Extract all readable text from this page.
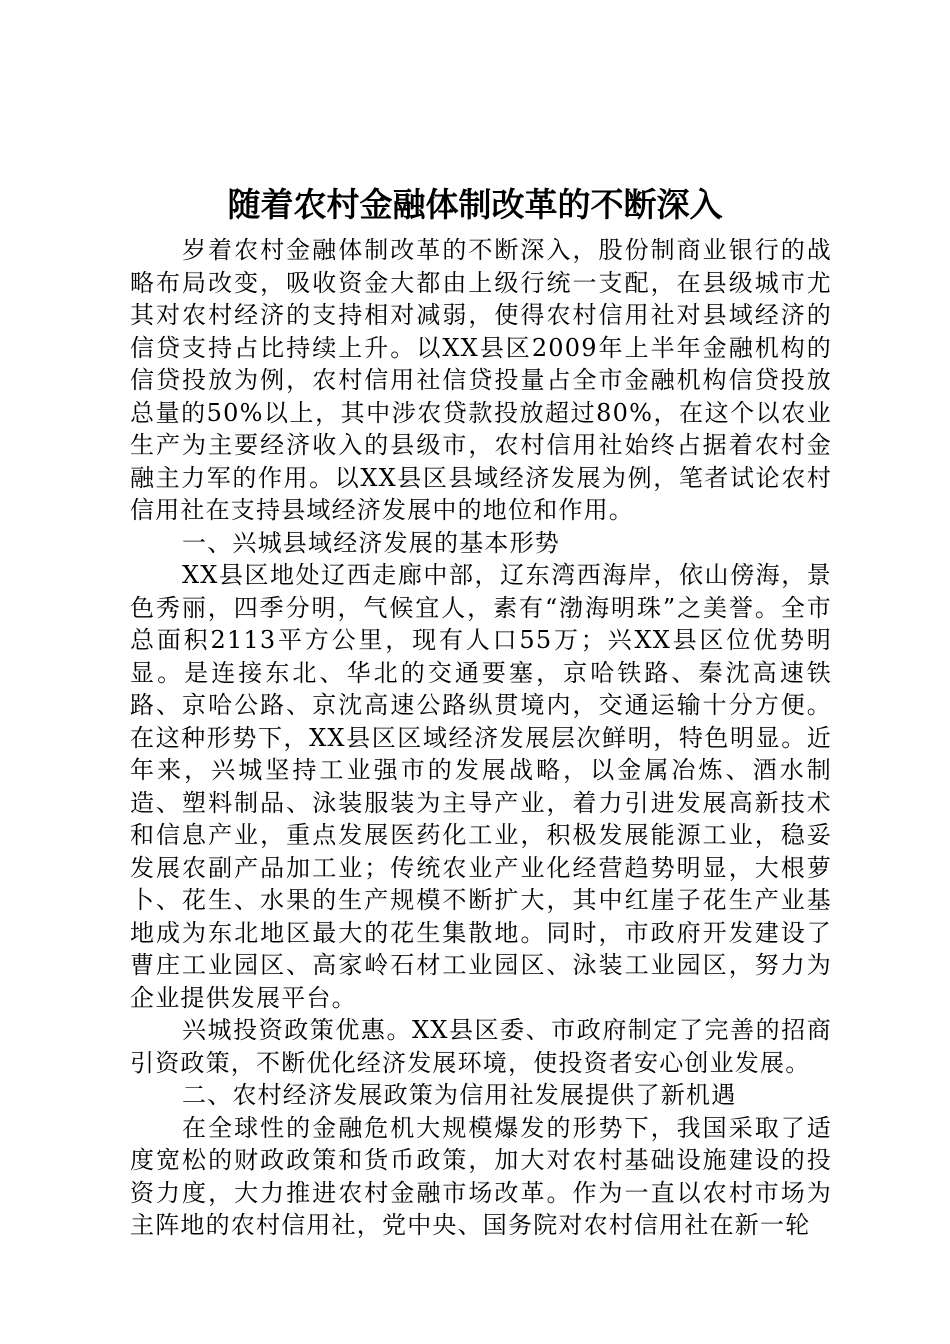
随着农村金融体制改革的不断深入

岁着农村金融体制改革的不断深入，股份制商业银行的战略布局改变，吸收资金大都由上级行统一支配，在县级城市尤其对农村经济的支持相对减弱，使得农村信用社对县域经济的信贷支持占比持续上升。以XX县区2009年上半年金融机构的信贷投放为例，农村信用社信贷投量占全市金融机构信贷投放总量的50%以上，其中涉农贷款投放超过80%，在这个以农业生产为主要经济收入的县级市，农村信用社始终占据着农村金融主力军的作用。以XX县区县域经济发展为例，笔者试论农村信用社在支持县域经济发展中的地位和作用。

一、兴城县域经济发展的基本形势

XX县区地处辽西走廊中部，辽东湾西海岸，依山傍海，景色秀丽，四季分明，气候宜人，素有“渤海明珠”之美誉。全市总面积2113平方公里，现有人口55万；兴XX县区位优势明显。是连接东北、华北的交通要塞，京哈铁路、秦沈高速铁路、京哈公路、京沈高速公路纵贯境内，交通运输十分方便。在这种形势下，XX县区区域经济发展层次鲜明，特色明显。近年来，兴城坚持工业强市的发展战略，以金属冶炼、酒水制造、塑料制品、泳装服装为主导产业，着力引进发展高新技术和信息产业，重点发展医药化工业，积极发展能源工业，稳妥发展农副产品加工业；传统农业产业化经营趋势明显，大根萝卜、花生、水果的生产规模不断扩大，其中红崖子花生产业基地成为东北地区最大的花生集散地。同时，市政府开发建设了曹庄工业园区、高家岭石材工业园区、泳装工业园区，努力为企业提供发展平台。

兴城投资政策优惠。XX县区委、市政府制定了完善的招商引资政策，不断优化经济发展环境，使投资者安心创业发展。

二、农村经济发展政策为信用社发展提供了新机遇

在全球性的金融危机大规模爆发的形势下，我国采取了适度宽松的财政政策和货币政策，加大对农村基础设施建设的投资力度，大力推进农村金融市场改革。作为一直以农村市场为主阵地的农村信用社，党中央、国务院对农村信用社在新一轮
